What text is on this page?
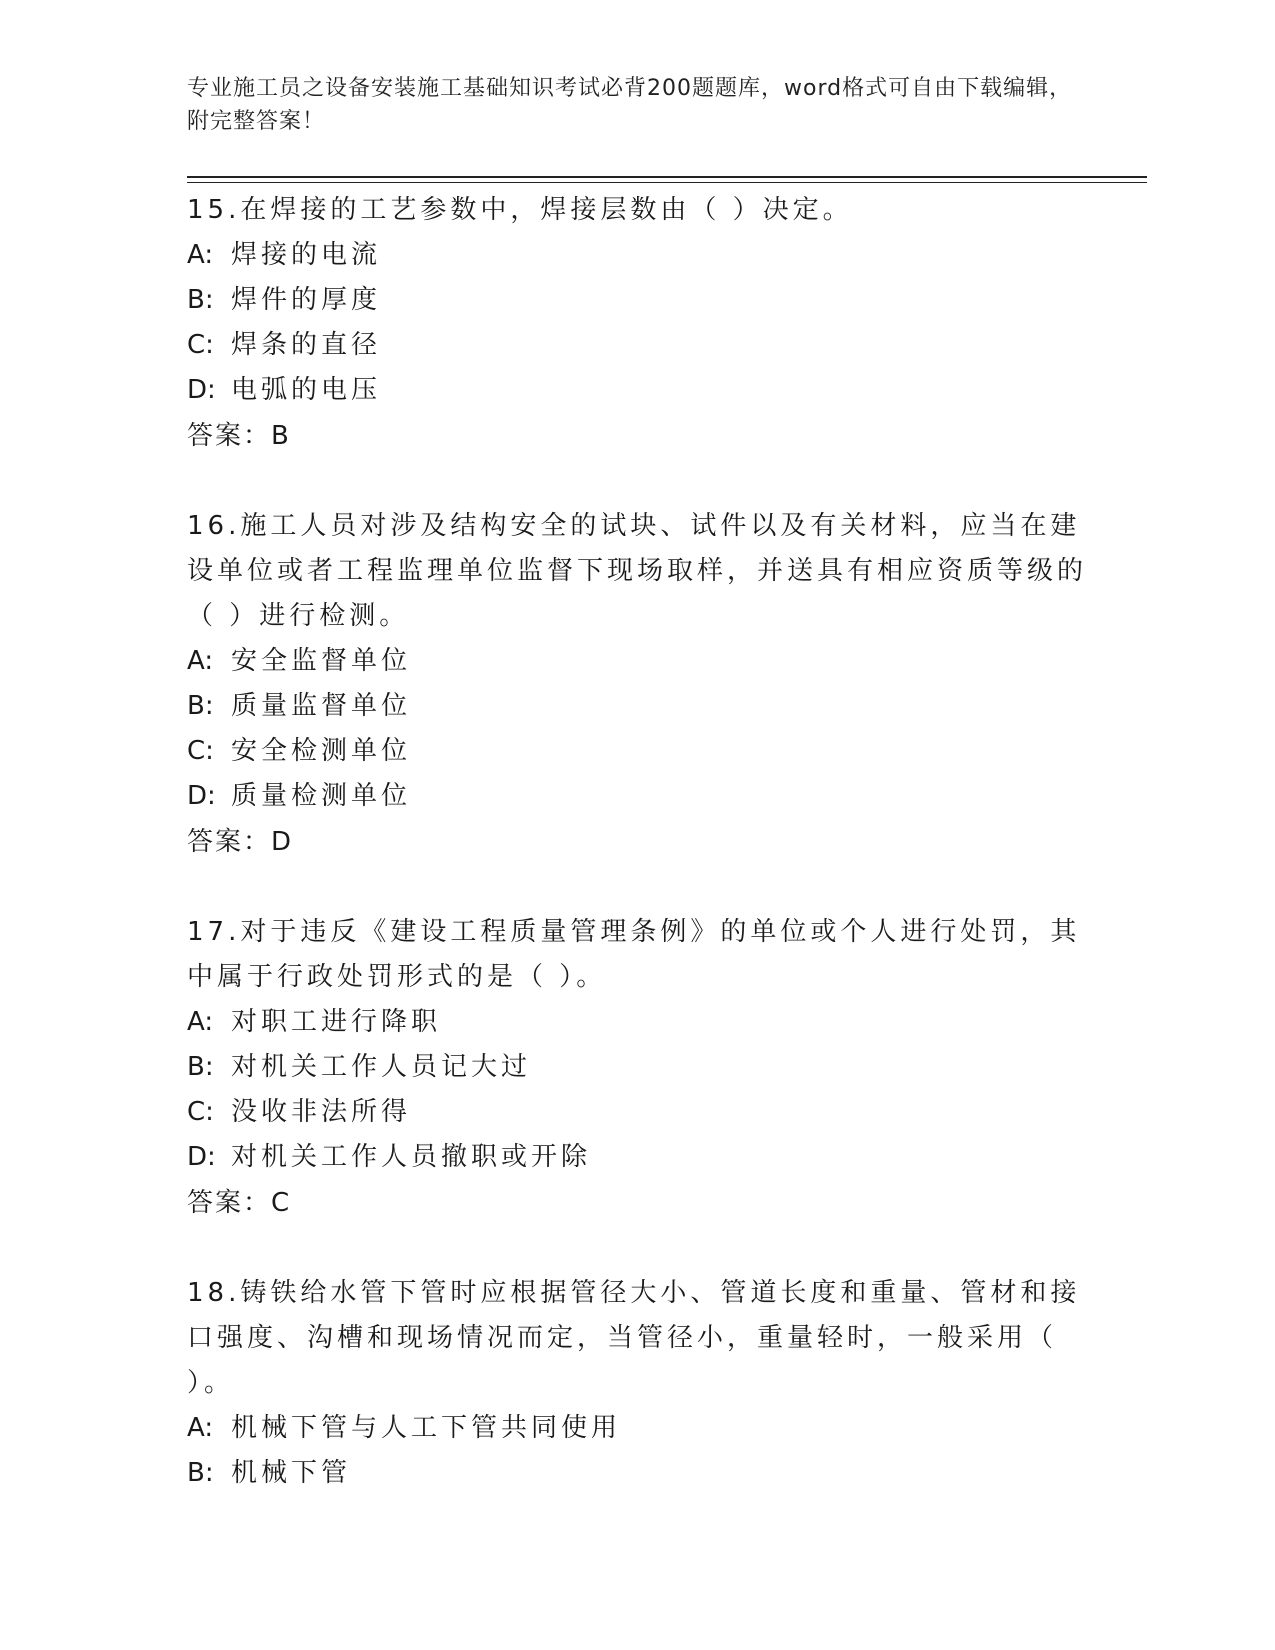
专业施工员之设备安装施工基础知识考试必背200题题库，word格式可自由下载编辑，附完整答案！

15.在焊接的工艺参数中，焊接层数由（ ）决定。

A: 焊接的电流

B: 焊件的厚度

C: 焊条的直径

D: 电弧的电压

答案：B

16.施工人员对涉及结构安全的试块、试件以及有关材料，应当在建设单位或者工程监理单位监督下现场取样，并送具有相应资质等级的（ ）进行检测。

A: 安全监督单位

B: 质量监督单位

C: 安全检测单位

D: 质量检测单位

答案：D

17.对于违反《建设工程质量管理条例》的单位或个人进行处罚，其中属于行政处罚形式的是（ ）。

A: 对职工进行降职

B: 对机关工作人员记大过

C: 没收非法所得

D: 对机关工作人员撤职或开除

答案：C

18.铸铁给水管下管时应根据管径大小、管道长度和重量、管材和接口强度、沟槽和现场情况而定，当管径小，重量轻时，一般采用（ ）。

A: 机械下管与人工下管共同使用

B: 机械下管
